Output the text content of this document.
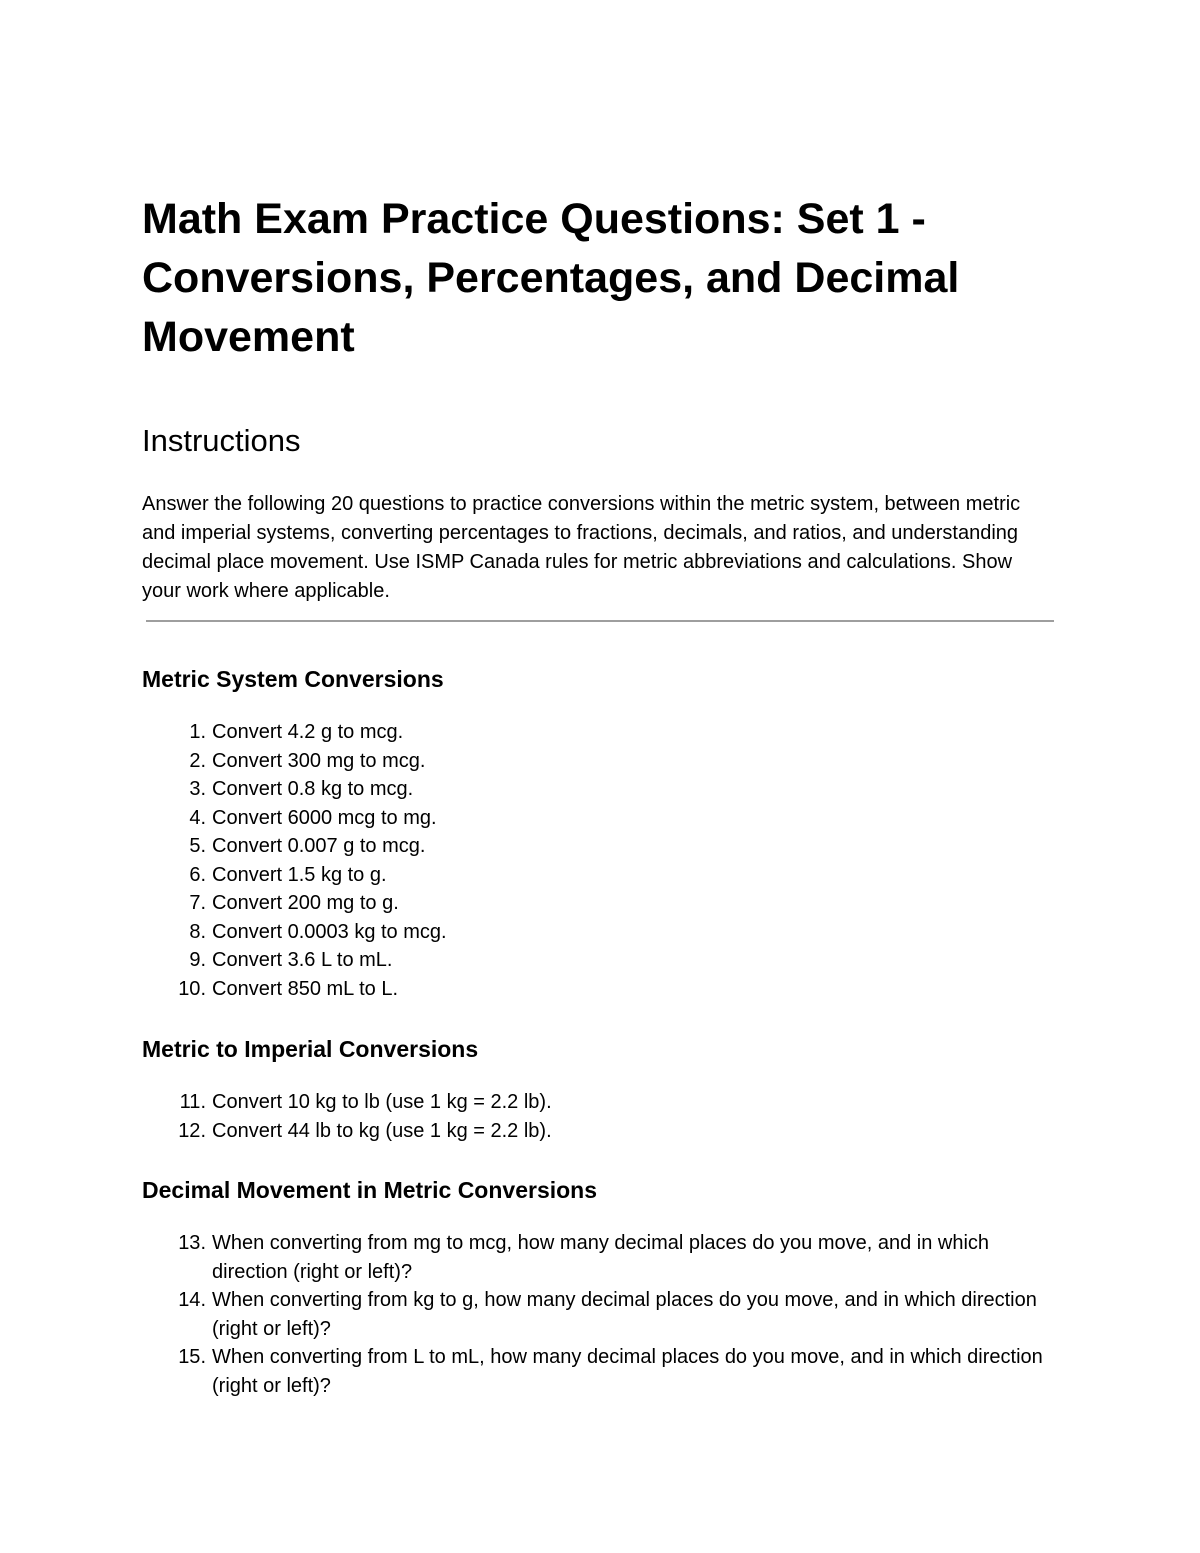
Math Exam Practice Questions: Set 1 - Conversions, Percentages, and Decimal Movement
Instructions

Answer the following 20 questions to practice conversions within the metric system, between metric and imperial systems, converting percentages to fractions, decimals, and ratios, and understanding decimal place movement. Use ISMP Canada rules for metric abbreviations and calculations. Show your work where applicable.

Metric System Conversions
1 . Convert 4.2 g to mcg.
2 . Convert 300 mg to mcg.
3 . Convert 0.8 kg to mcg.
4 . Convert 6000 mcg to mg.
5 . Convert 0.007 g to mcg.
6 . Convert 1.5 kg to g.
7 . Convert 200 mg to g.
8 . Convert 0.0003 kg to mcg.
9 . Convert 3.6 L to mL.
10 . Convert 850 mL to L.
Metric to Imperial Conversions
11 . Convert 10 kg to lb (use 1 kg = 2.2 lb).
12 . Convert 44 lb to kg (use 1 kg = 2.2 lb).
Decimal Movement in Metric Conversions
13 . When converting from mg to mcg, how many decimal places do you move, and in which direction (right or left)?
14 . When converting from kg to g, how many decimal places do you move, and in which direction (right or left)?
15 . When converting from L to mL, how many decimal places do you move, and in which direction (right or left)?
